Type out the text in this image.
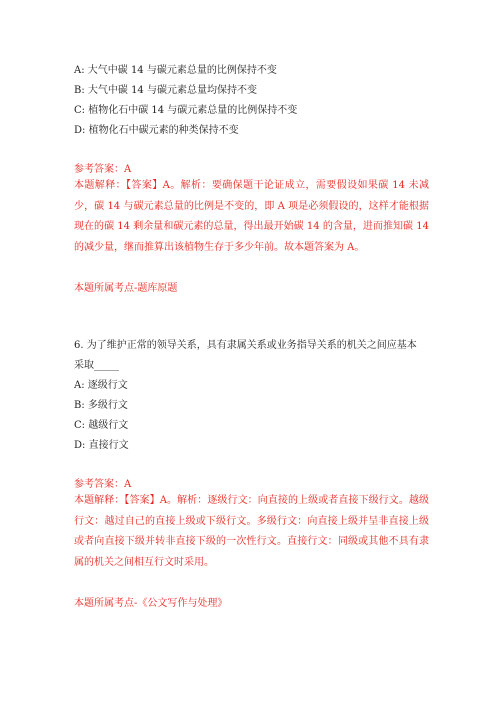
A: 大气中碳 14 与碳元素总量的比例保持不变
B: 大气中碳 14 与碳元素总量均保持不变
C: 植物化石中碳 14 与碳元素总量的比例保持不变
D: 植物化石中碳元素的种类保持不变
参考答案：A
本题解释：【答案】A。解析：要确保题干论证成立，需要假设如果碳 14 未减少，碳 14 与碳元素总量的比例是不变的，即 A 项是必须假设的，这样才能根据现在的碳 14 剩余量和碳元素的总量，得出最开始碳 14 的含量，进而推知碳 14 的减少量，继而推算出该植物生存于多少年前。故本题答案为 A。
本题所属考点-题库原题
6. 为了维护正常的领导关系，具有隶属关系或业务指导关系的机关之间应基本
采取_____
A: 逐级行文
B: 多级行文
C: 越级行文
D: 直接行文
参考答案：A
本题解释：【答案】A。解析：逐级行文：向直接的上级或者直接下级行文。越级行文：越过自己的直接上级或下级行文。多级行文：向直接上级并呈非直接上级或者向直接下级并转非直接下级的一次性行文。直接行文：同级或其他不具有隶属的机关之间相互行文时采用。
本题所属考点-《公文写作与处理》
